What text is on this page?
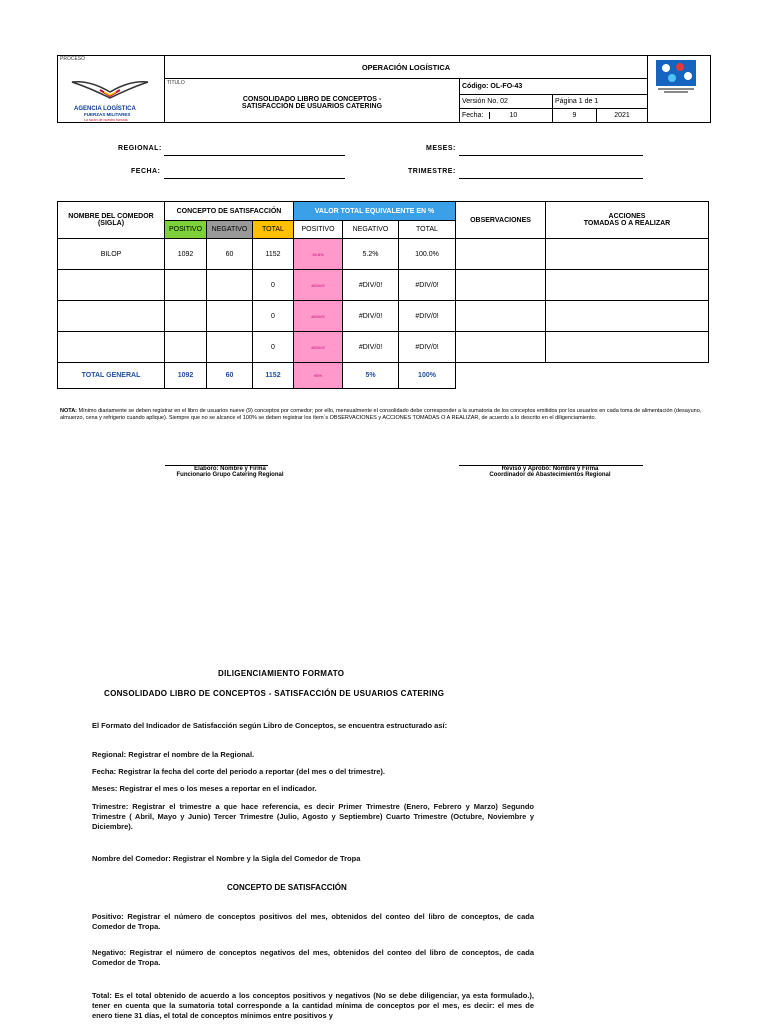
PROCESO
AGENCIA LOGÍSTICA
FUERZAS MILITARES
La razón de nuestro fuerzas	OPERACIÓN LOGÍSTICA	

	TITULO
CONSOLIDADO LIBRO DE CONCEPTOS -
SATISFACCIÓN DE USUARIOS CATERING	Código: OL-FO-43			
		Versión No. 02	Página 1 de 1		
		Fecha: 10	9	2021	
REGIONAL:	MESES:
FECHA:	TRIMESTRE:
NOMBRE DEL COMEDOR (SIGLA)	CONCEPTO DE SATISFACCIÓN			VALOR TOTAL EQUIVALENTE EN %			OBSERVACIONES	ACCIONES
TOMADAS O A REALIZAR

	POSITIVO	NEGATIVO	TOTAL	POSITIVO	NEGATIVO	TOTAL		
BILOP	1092	60	1152	94.8%	5.2%	100.0%		
			0	#DIV/0!	#DIV/0!	#DIV/0!		
			0	#DIV/0!	#DIV/0!	#DIV/0!		
			0	#DIV/0!	#DIV/0!	#DIV/0!		
TOTAL GENERAL	1092	60	1152	95%	5%	100%		
NOTA: Mínimo diariamente se deben registrar en el libro de usuarios nueve (9) conceptos por comedor; por ello, mensualmente el consolidado debe corresponder a la sumatoria de los conceptos emitidos por los usuarios en cada toma de alimentación (desayuno, almuerzo, cena y refrigerio cuando aplique). Siempre que no se alcance el 100% se deben registrar los ítem´s OBSERVACIONES y ACCIONES TOMADAS O A REALIZAR, de acuerdo a lo descrito en el diligenciamiento.
Elaboró: Nombre y Firma
Funcionario Grupo Catering Regional
Revisó y Aprobó: Nombre y Firma
Coordinador de Abastecimientos Regional
DILIGENCIAMIENTO FORMATO
CONSOLIDADO LIBRO DE CONCEPTOS - SATISFACCIÓN DE USUARIOS CATERING
El Formato del Indicador de Satisfacción según Libro de Conceptos, se encuentra estructurado así:
Regional: Registrar el nombre de la Regional.
Fecha: Registrar la fecha del corte del periodo a reportar (del mes o del trimestre).
Meses: Registrar el mes o los meses a reportar en el indicador.
Trimestre: Registrar el trimestre a que hace referencia, es decir Primer Trimestre (Enero, Febrero y Marzo) Segundo Trimestre ( Abril, Mayo y Junio) Tercer Trimestre (Julio, Agosto y Septiembre) Cuarto Trimestre (Octubre, Noviembre y Diciembre).
Nombre del Comedor: Registrar el Nombre y la Sigla del Comedor de Tropa
CONCEPTO DE SATISFACCIÓN
Positivo: Registrar el número de conceptos positivos del mes, obtenidos del conteo del libro de conceptos, de cada Comedor de Tropa.
Negativo: Registrar el número de conceptos negativos del mes, obtenidos del conteo del libro de conceptos, de cada Comedor de Tropa.
Total: Es el total obtenido de acuerdo a los conceptos positivos y negativos (No se debe diligenciar, ya esta formulado.), tener en cuenta que la sumatoria total corresponde a la cantidad mínima de conceptos por el mes, es decir: el mes de enero tiene 31 días, el total de conceptos mínimos entre positivos y
